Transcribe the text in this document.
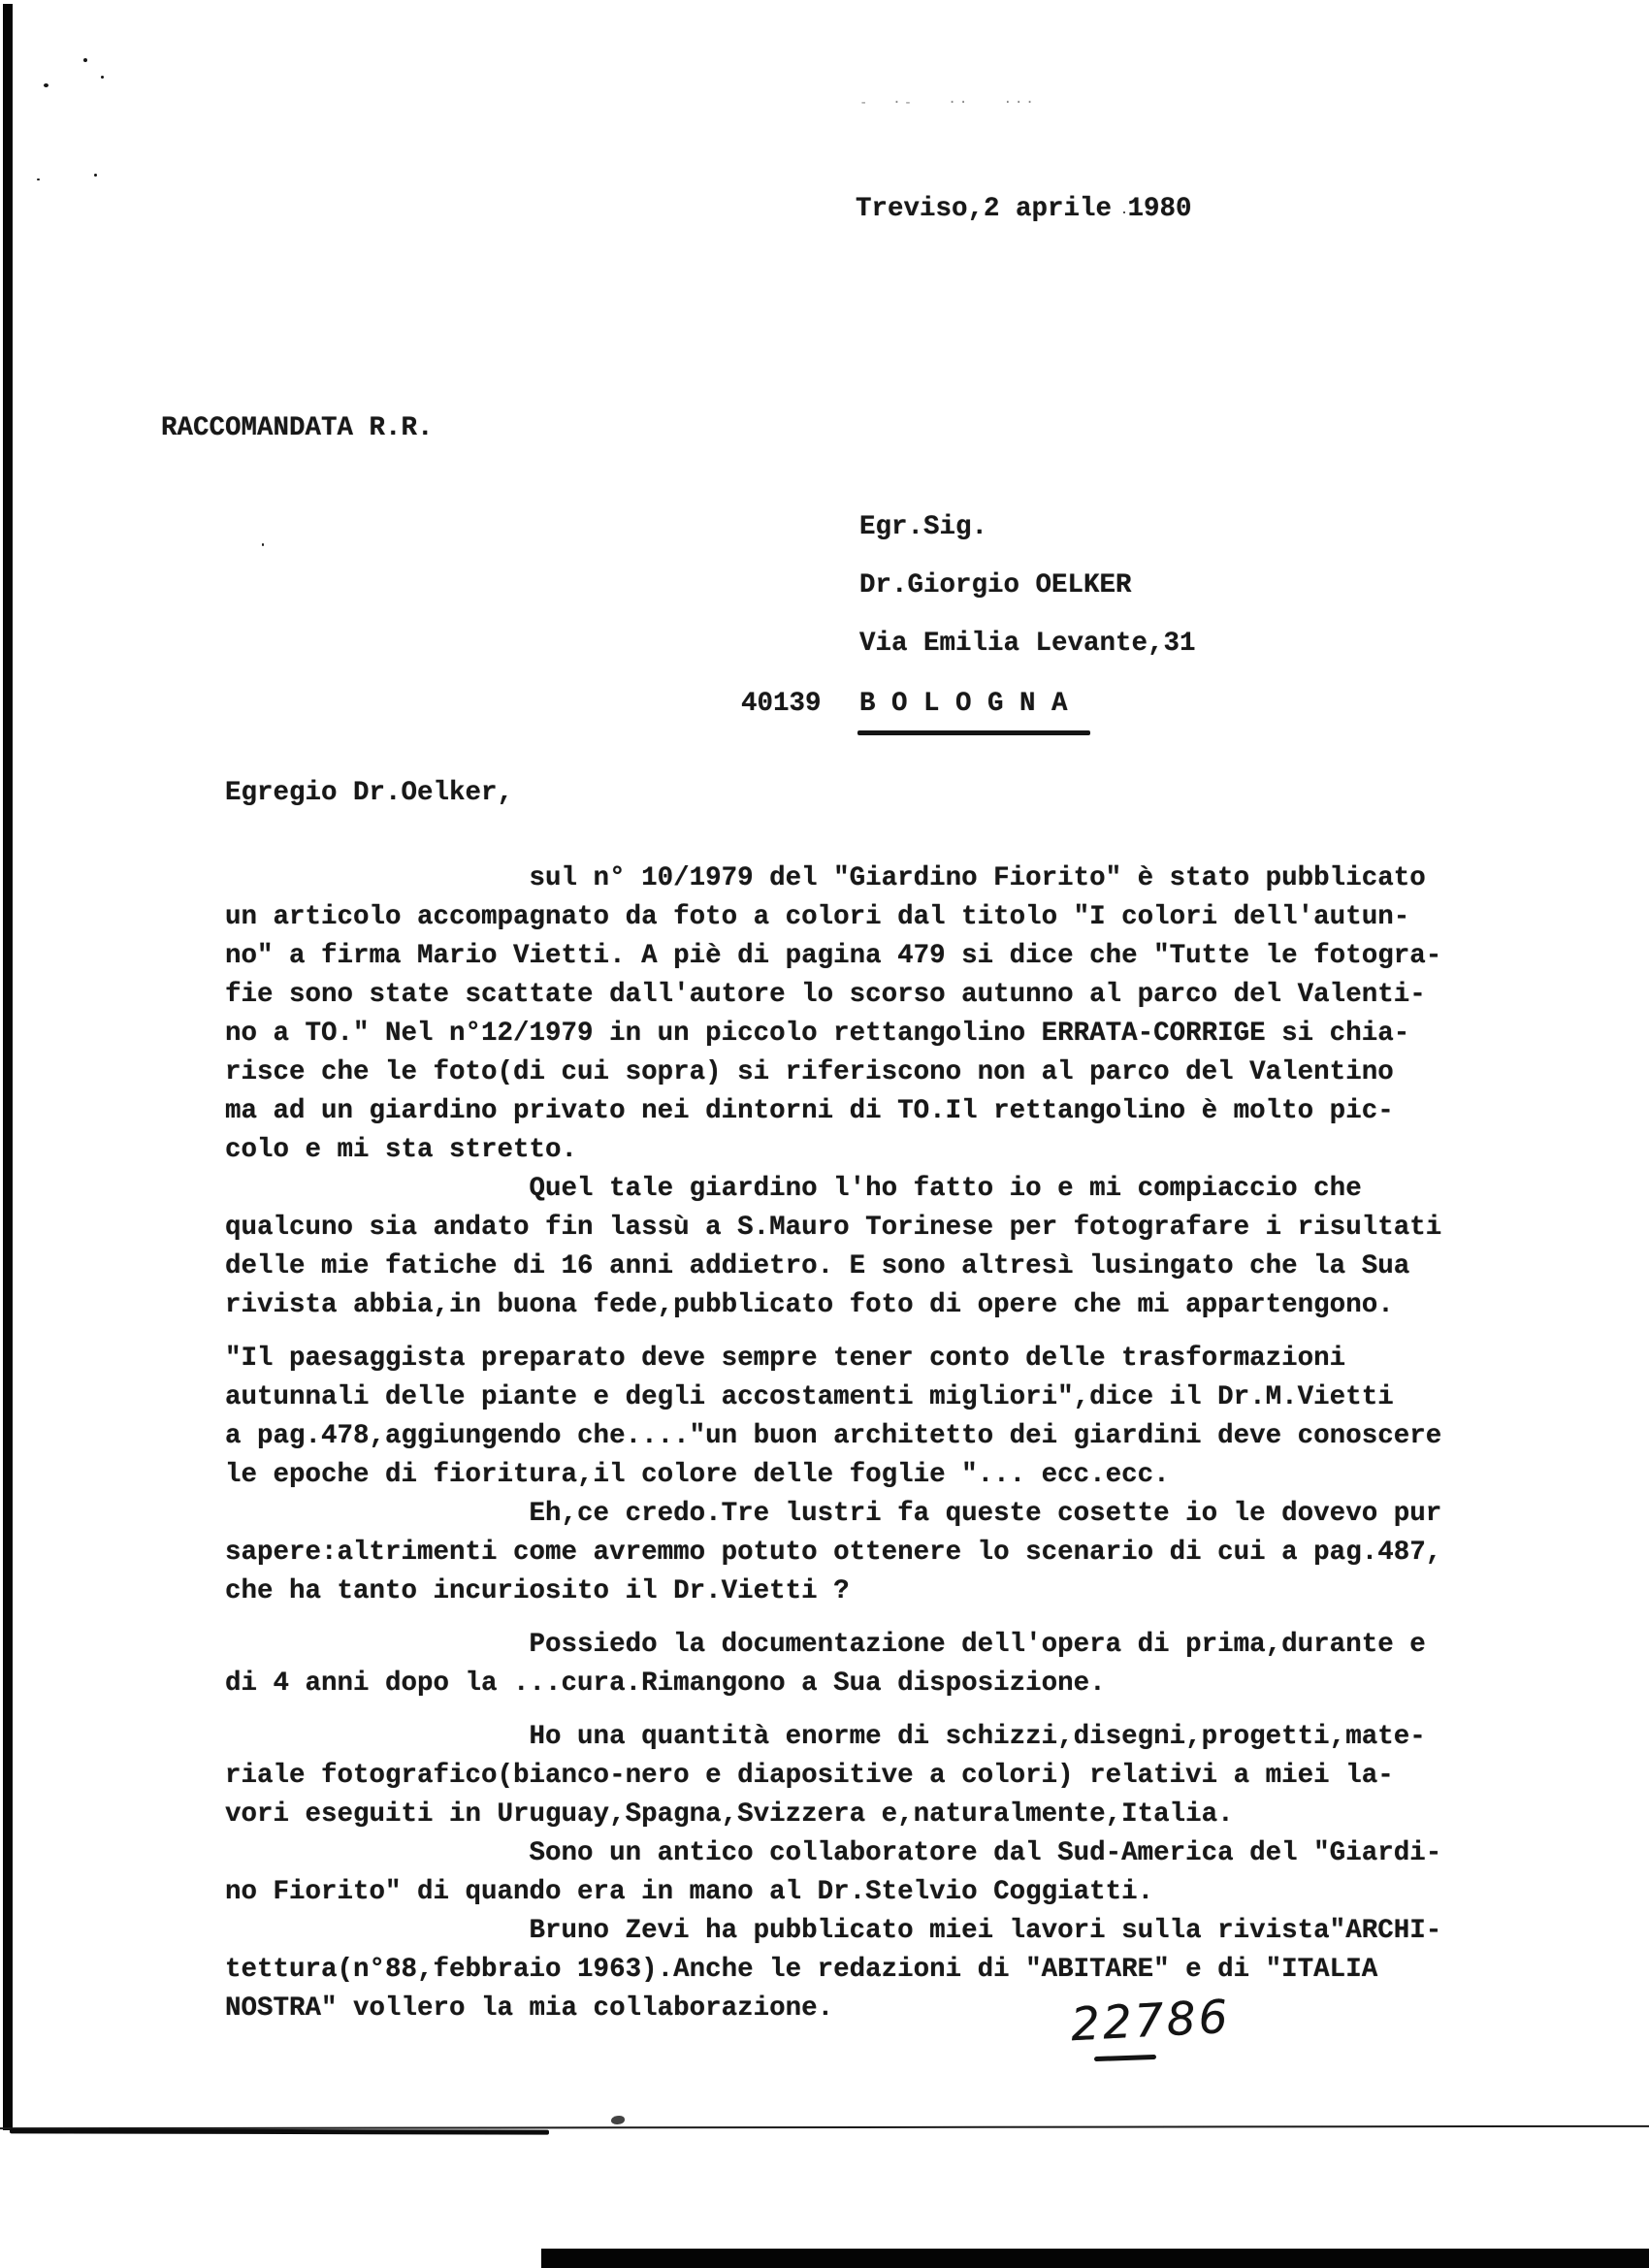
-  ·-   ··   ···
Treviso,2 aprile 1980
RACCOMANDATA R.R.
Egr.Sig.
Dr.Giorgio OELKER
Via Emilia Levante,31
40139 B O L O G N A
Egregio Dr.Oelker,
sul n° 10/1979 del "Giardino Fiorito" è stato pubblicato
un articolo accompagnato da foto a colori dal titolo "I colori dell'autun-
no" a firma Mario Vietti. A piè di pagina 479 si dice che "Tutte le fotogra-
fie sono state scattate dall'autore lo scorso autunno al parco del Valenti-
no a TO." Nel n°12/1979 in un piccolo rettangolino ERRATA-CORRIGE si chia-
risce che le foto(di cui sopra) si riferiscono non al parco del Valentino
ma ad un giardino privato nei dintorni di TO.Il rettangolino è molto pic-
colo e mi sta stretto.
Quel tale giardino l'ho fatto io e mi compiaccio che
qualcuno sia andato fin lassù a S.Mauro Torinese per fotografare i risultati
delle mie fatiche di 16 anni addietro. E sono altresì lusingato che la Sua
rivista abbia,in buona fede,pubblicato foto di opere che mi appartengono.
"Il paesaggista preparato deve sempre tener conto delle trasformazioni
autunnali delle piante e degli accostamenti migliori",dice il Dr.M.Vietti
a pag.478,aggiungendo che...."un buon architetto dei giardini deve conoscere
le epoche di fioritura,il colore delle foglie "... ecc.ecc.
Eh,ce credo.Tre lustri fa queste cosette io le dovevo pur
sapere:altrimenti come avremmo potuto ottenere lo scenario di cui a pag.487,
che ha tanto incuriosito il Dr.Vietti ?
Possiedo la documentazione dell'opera di prima,durante e
di 4 anni dopo la ...cura.Rimangono a Sua disposizione.
Ho una quantità enorme di schizzi,disegni,progetti,mate-
riale fotografico(bianco-nero e diapositive a colori) relativi a miei la-
vori eseguiti in Uruguay,Spagna,Svizzera e,naturalmente,Italia.
Sono un antico collaboratore dal Sud-America del "Giardi-
no Fiorito" di quando era in mano al Dr.Stelvio Coggiatti.
Bruno Zevi ha pubblicato miei lavori sulla rivista"ARCHI-
tettura(n°88,febbraio 1963).Anche le redazioni di "ABITARE" e di "ITALIA
NOSTRA" vollero la mia collaborazione.	22786
